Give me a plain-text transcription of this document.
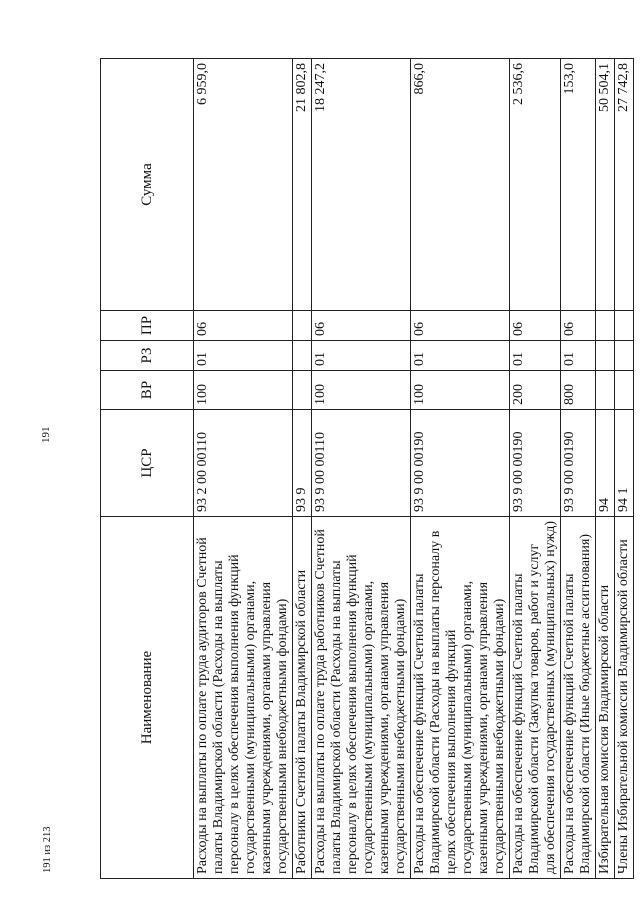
191
191 из 213
Наименование	ЦСР	ВР	РЗ	ПР	Сумма
Расходы на выплаты по оплате труда аудиторов Счетной палаты Владимирской области (Расходы на выплаты персоналу в целях обеспечения выполнения функций государственными (муниципальными) органами, казенными учреждениями, органами управления государственными внебюджетными фондами)	93 2 00 00110	100	01	06	6 959,0
Работники Счетной палаты Владимирской области	93 9				21 802,8
Расходы на выплаты по оплате труда работников Счетной палаты Владимирской области (Расходы на выплаты персоналу в целях обеспечения выполнения функций государственными (муниципальными) органами, казенными учреждениями, органами управления государственными внебюджетными фондами)	93 9 00 00110	100	01	06	18 247,2
Расходы на обеспечение функций Счетной палаты Владимирской области (Расходы на выплаты персоналу в целях обеспечения выполнения функций государственными (муниципальными) органами, казенными учреждениями, органами управления государственными внебюджетными фондами)	93 9 00 00190	100	01	06	866,0
Расходы на обеспечение функций Счетной палаты Владимирской области (Закупка товаров, работ и услуг для обеспечения государственных (муниципальных) нужд)	93 9 00 00190	200	01	06	2 536,6
Расходы на обеспечение функций Счетной палаты Владимирской области (Иные бюджетные ассигнования)	93 9 00 00190	800	01	06	153,0
Избирательная комиссия Владимирской области	94				50 504,1
Члены Избирательной комиссии Владимирской области	94 1				27 742,8
